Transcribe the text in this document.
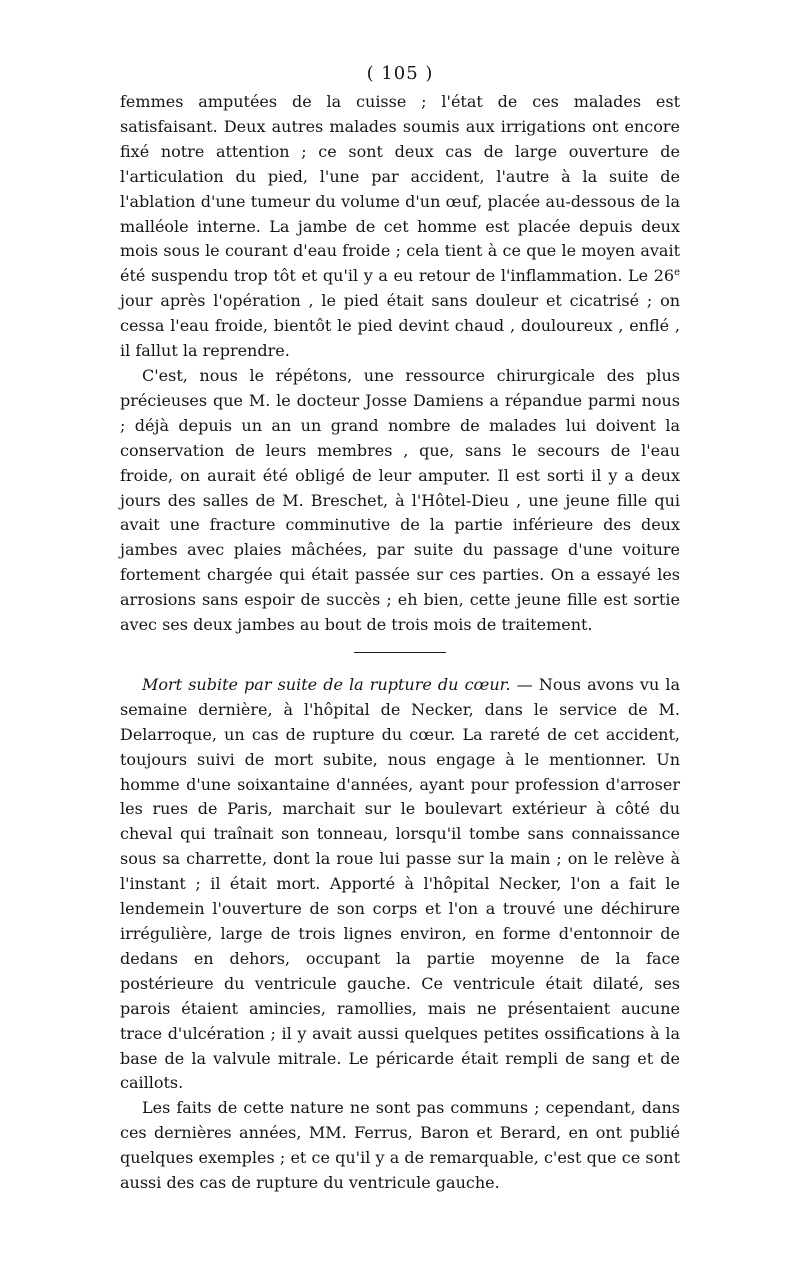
( 105 )

femmes amputées de la cuisse ; l'état de ces malades est satisfaisant. Deux autres malades soumis aux irrigations ont encore fixé notre attention ; ce sont deux cas de large ouverture de l'articulation du pied, l'une par accident, l'autre à la suite de l'ablation d'une tumeur du volume d'un œuf, placée au-dessous de la malléole interne. La jambe de cet homme est placée depuis deux mois sous le courant d'eau froide ; cela tient à ce que le moyen avait été suspendu trop tôt et qu'il y a eu retour de l'inflammation. Le 26e jour après l'opération , le pied était sans douleur et cicatrisé ; on cessa l'eau froide, bientôt le pied devint chaud , douloureux , enflé , il fallut la reprendre.

C'est, nous le répétons, une ressource chirurgicale des plus précieuses que M. le docteur Josse Damiens a répandue parmi nous ; déjà depuis un an un grand nombre de malades lui doivent la conservation de leurs membres , que, sans le secours de l'eau froide, on aurait été obligé de leur amputer. Il est sorti il y a deux jours des salles de M. Breschet, à l'Hôtel-Dieu , une jeune fille qui avait une fracture comminutive de la partie inférieure des deux jambes avec plaies mâchées, par suite du passage d'une voiture fortement chargée qui était passée sur ces parties. On a essayé les arrosions sans espoir de succès ; eh bien, cette jeune fille est sortie avec ses deux jambes au bout de trois mois de traitement.

Mort subite par suite de la rupture du cœur. — Nous avons vu la semaine dernière, à l'hôpital de Necker, dans le service de M. Delarroque, un cas de rupture du cœur. La rareté de cet accident, toujours suivi de mort subite, nous engage à le mentionner. Un homme d'une soixantaine d'années, ayant pour profession d'arroser les rues de Paris, marchait sur le boulevart extérieur à côté du cheval qui traînait son tonneau, lorsqu'il tombe sans connaissance sous sa charrette, dont la roue lui passe sur la main ; on le relève à l'instant ; il était mort. Apporté à l'hôpital Necker, l'on a fait le lendemein l'ouverture de son corps et l'on a trouvé une déchirure irrégulière, large de trois lignes environ, en forme d'entonnoir de dedans en dehors, occupant la partie moyenne de la face postérieure du ventricule gauche. Ce ventricule était dilaté, ses parois étaient amincies, ramollies, mais ne présentaient aucune trace d'ulcération ; il y avait aussi quelques petites ossifications à la base de la valvule mitrale. Le péricarde était rempli de sang et de caillots.

Les faits de cette nature ne sont pas communs ; cependant, dans ces dernières années, MM. Ferrus, Baron et Berard, en ont publié quelques exemples ; et ce qu'il y a de remarquable, c'est que ce sont aussi des cas de rupture du ventricule gauche.
